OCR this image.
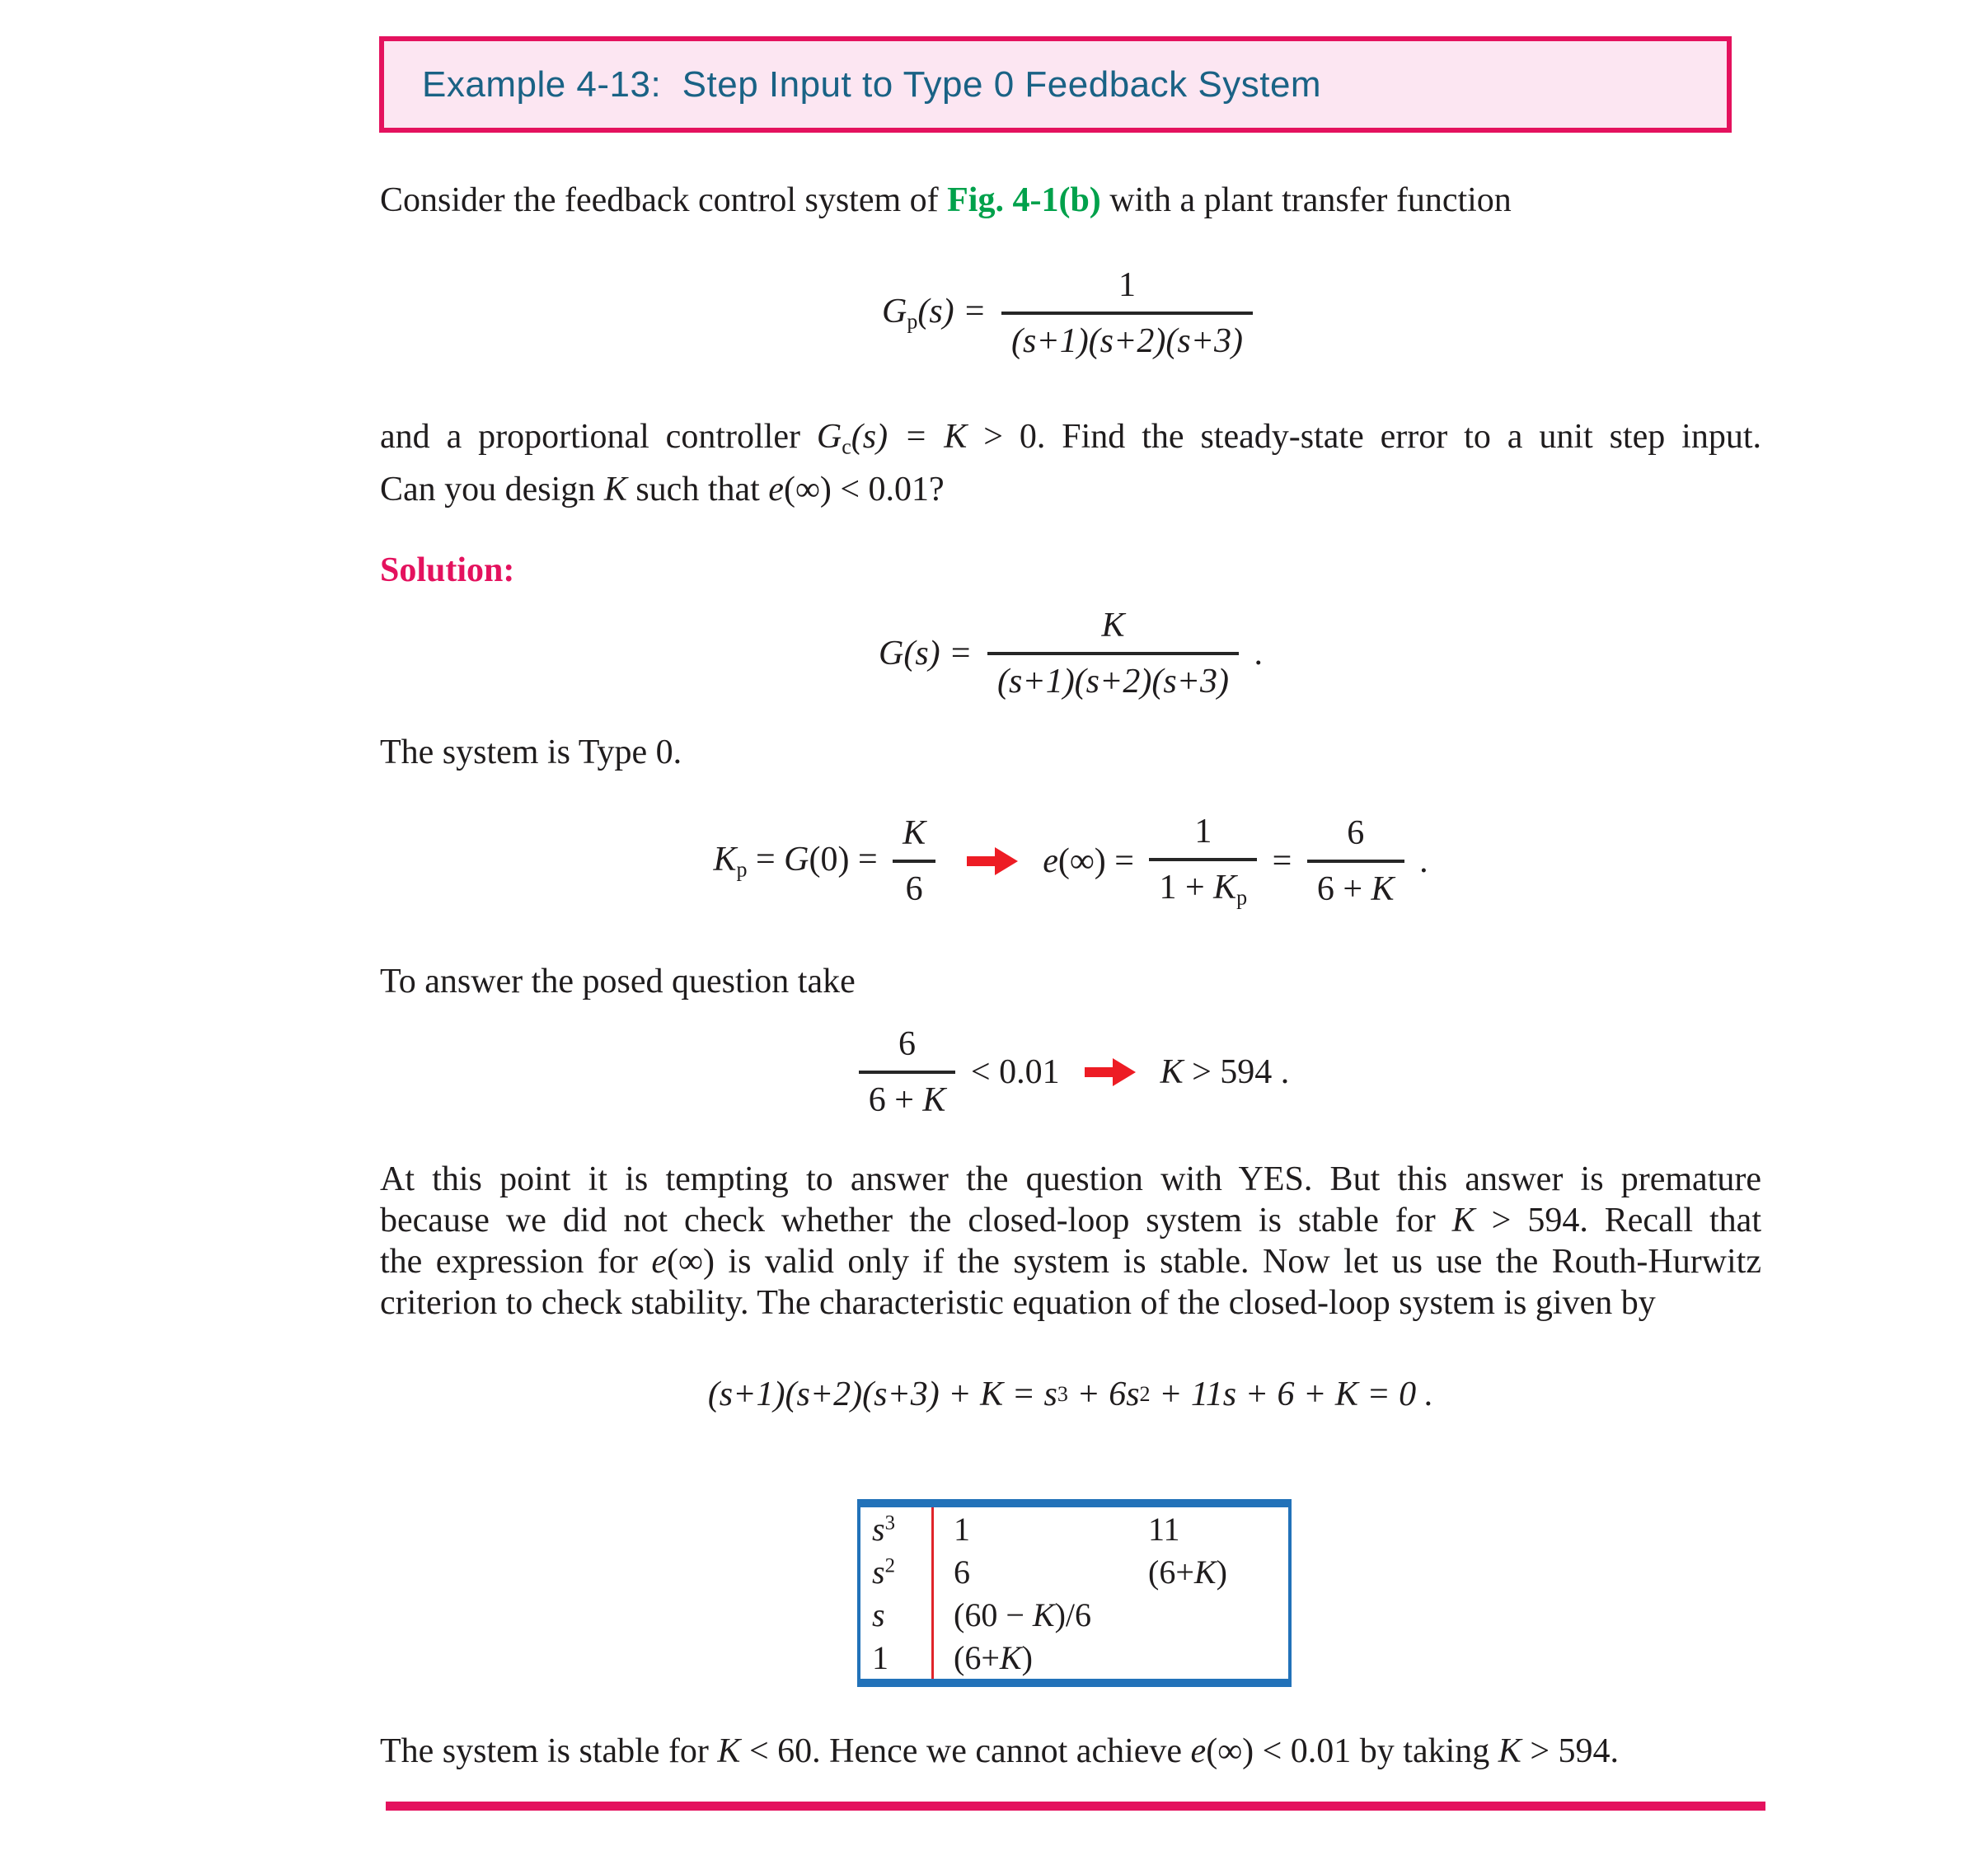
Example 4-13:  Step Input to Type 0 Feedback System
Consider the feedback control system of Fig. 4-1(b) with a plant transfer function
$G_p(s) = \frac{1}{(s+1)(s+2)(s+3)}$
and a proportional controller $G_c(s) = K > 0$. Find the steady-state error to a unit step input.
Can you design K such that e(∞) < 0.01?
Solution:
$G(s) = \frac{K}{(s+1)(s+2)(s+3)}$ .
The system is Type 0.
$K_p = G(0) = \frac{K}{6}$	$e(\infty) = \frac{1}{1 + K_p} = \frac{6}{6 + K}$ .
To answer the posed question take
$\frac{6}{6 + K} < 0.01$	K > 594 .
At this point it is tempting to answer the question with YES. But this answer is premature
because we did not check whether the closed-loop system is stable for K > 594. Recall that
the expression for e(∞) is valid only if the system is stable. Now let us use the Routh-Hurwitz
criterion to check stability. The characteristic equation of the closed-loop system is given by
(s+1)(s+2)(s+3) + K = s 3 + 6s 2 + 11s + 6 + K = 0 .
$s^3$	1	11
$s^2$	6	(6+K)
s	(60 − K)/6
1	(6+K)
The system is stable for K < 60. Hence we cannot achieve e(∞) < 0.01 by taking K > 594.
